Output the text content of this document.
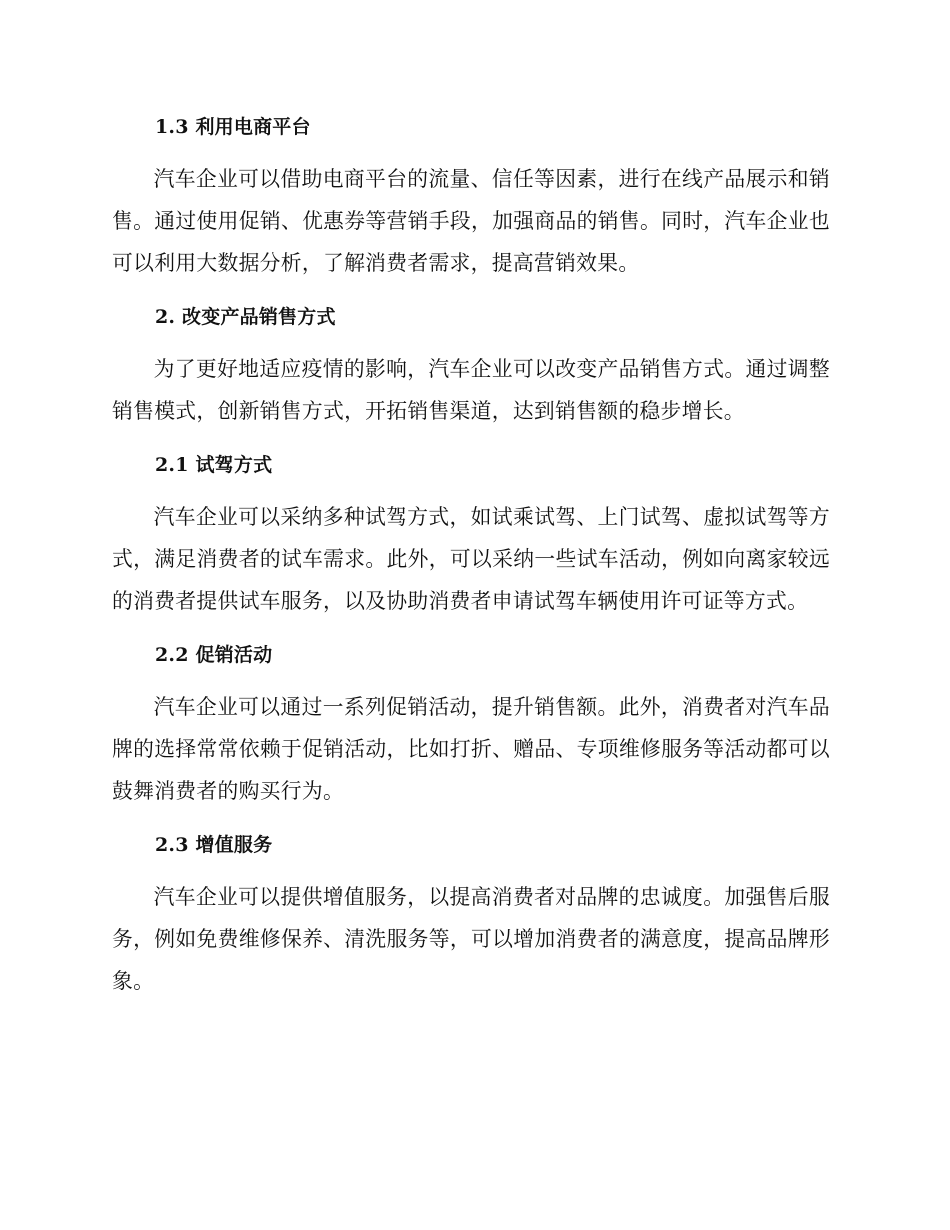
1.3 利用电商平台
汽车企业可以借助电商平台的流量、信任等因素，进行在线产品展示和销售。通过使用促销、优惠券等营销手段，加强商品的销售。同时，汽车企业也可以利用大数据分析，了解消费者需求，提高营销效果。
2. 改变产品销售方式
为了更好地适应疫情的影响，汽车企业可以改变产品销售方式。通过调整销售模式，创新销售方式，开拓销售渠道，达到销售额的稳步增长。
2.1 试驾方式
汽车企业可以采纳多种试驾方式，如试乘试驾、上门试驾、虚拟试驾等方式，满足消费者的试车需求。此外，可以采纳一些试车活动，例如向离家较远的消费者提供试车服务，以及协助消费者申请试驾车辆使用许可证等方式。
2.2 促销活动
汽车企业可以通过一系列促销活动，提升销售额。此外，消费者对汽车品牌的选择常常依赖于促销活动，比如打折、赠品、专项维修服务等活动都可以鼓舞消费者的购买行为。
2.3 增值服务
汽车企业可以提供增值服务，以提高消费者对品牌的忠诚度。加强售后服务，例如免费维修保养、清洗服务等，可以增加消费者的满意度，提高品牌形象。
